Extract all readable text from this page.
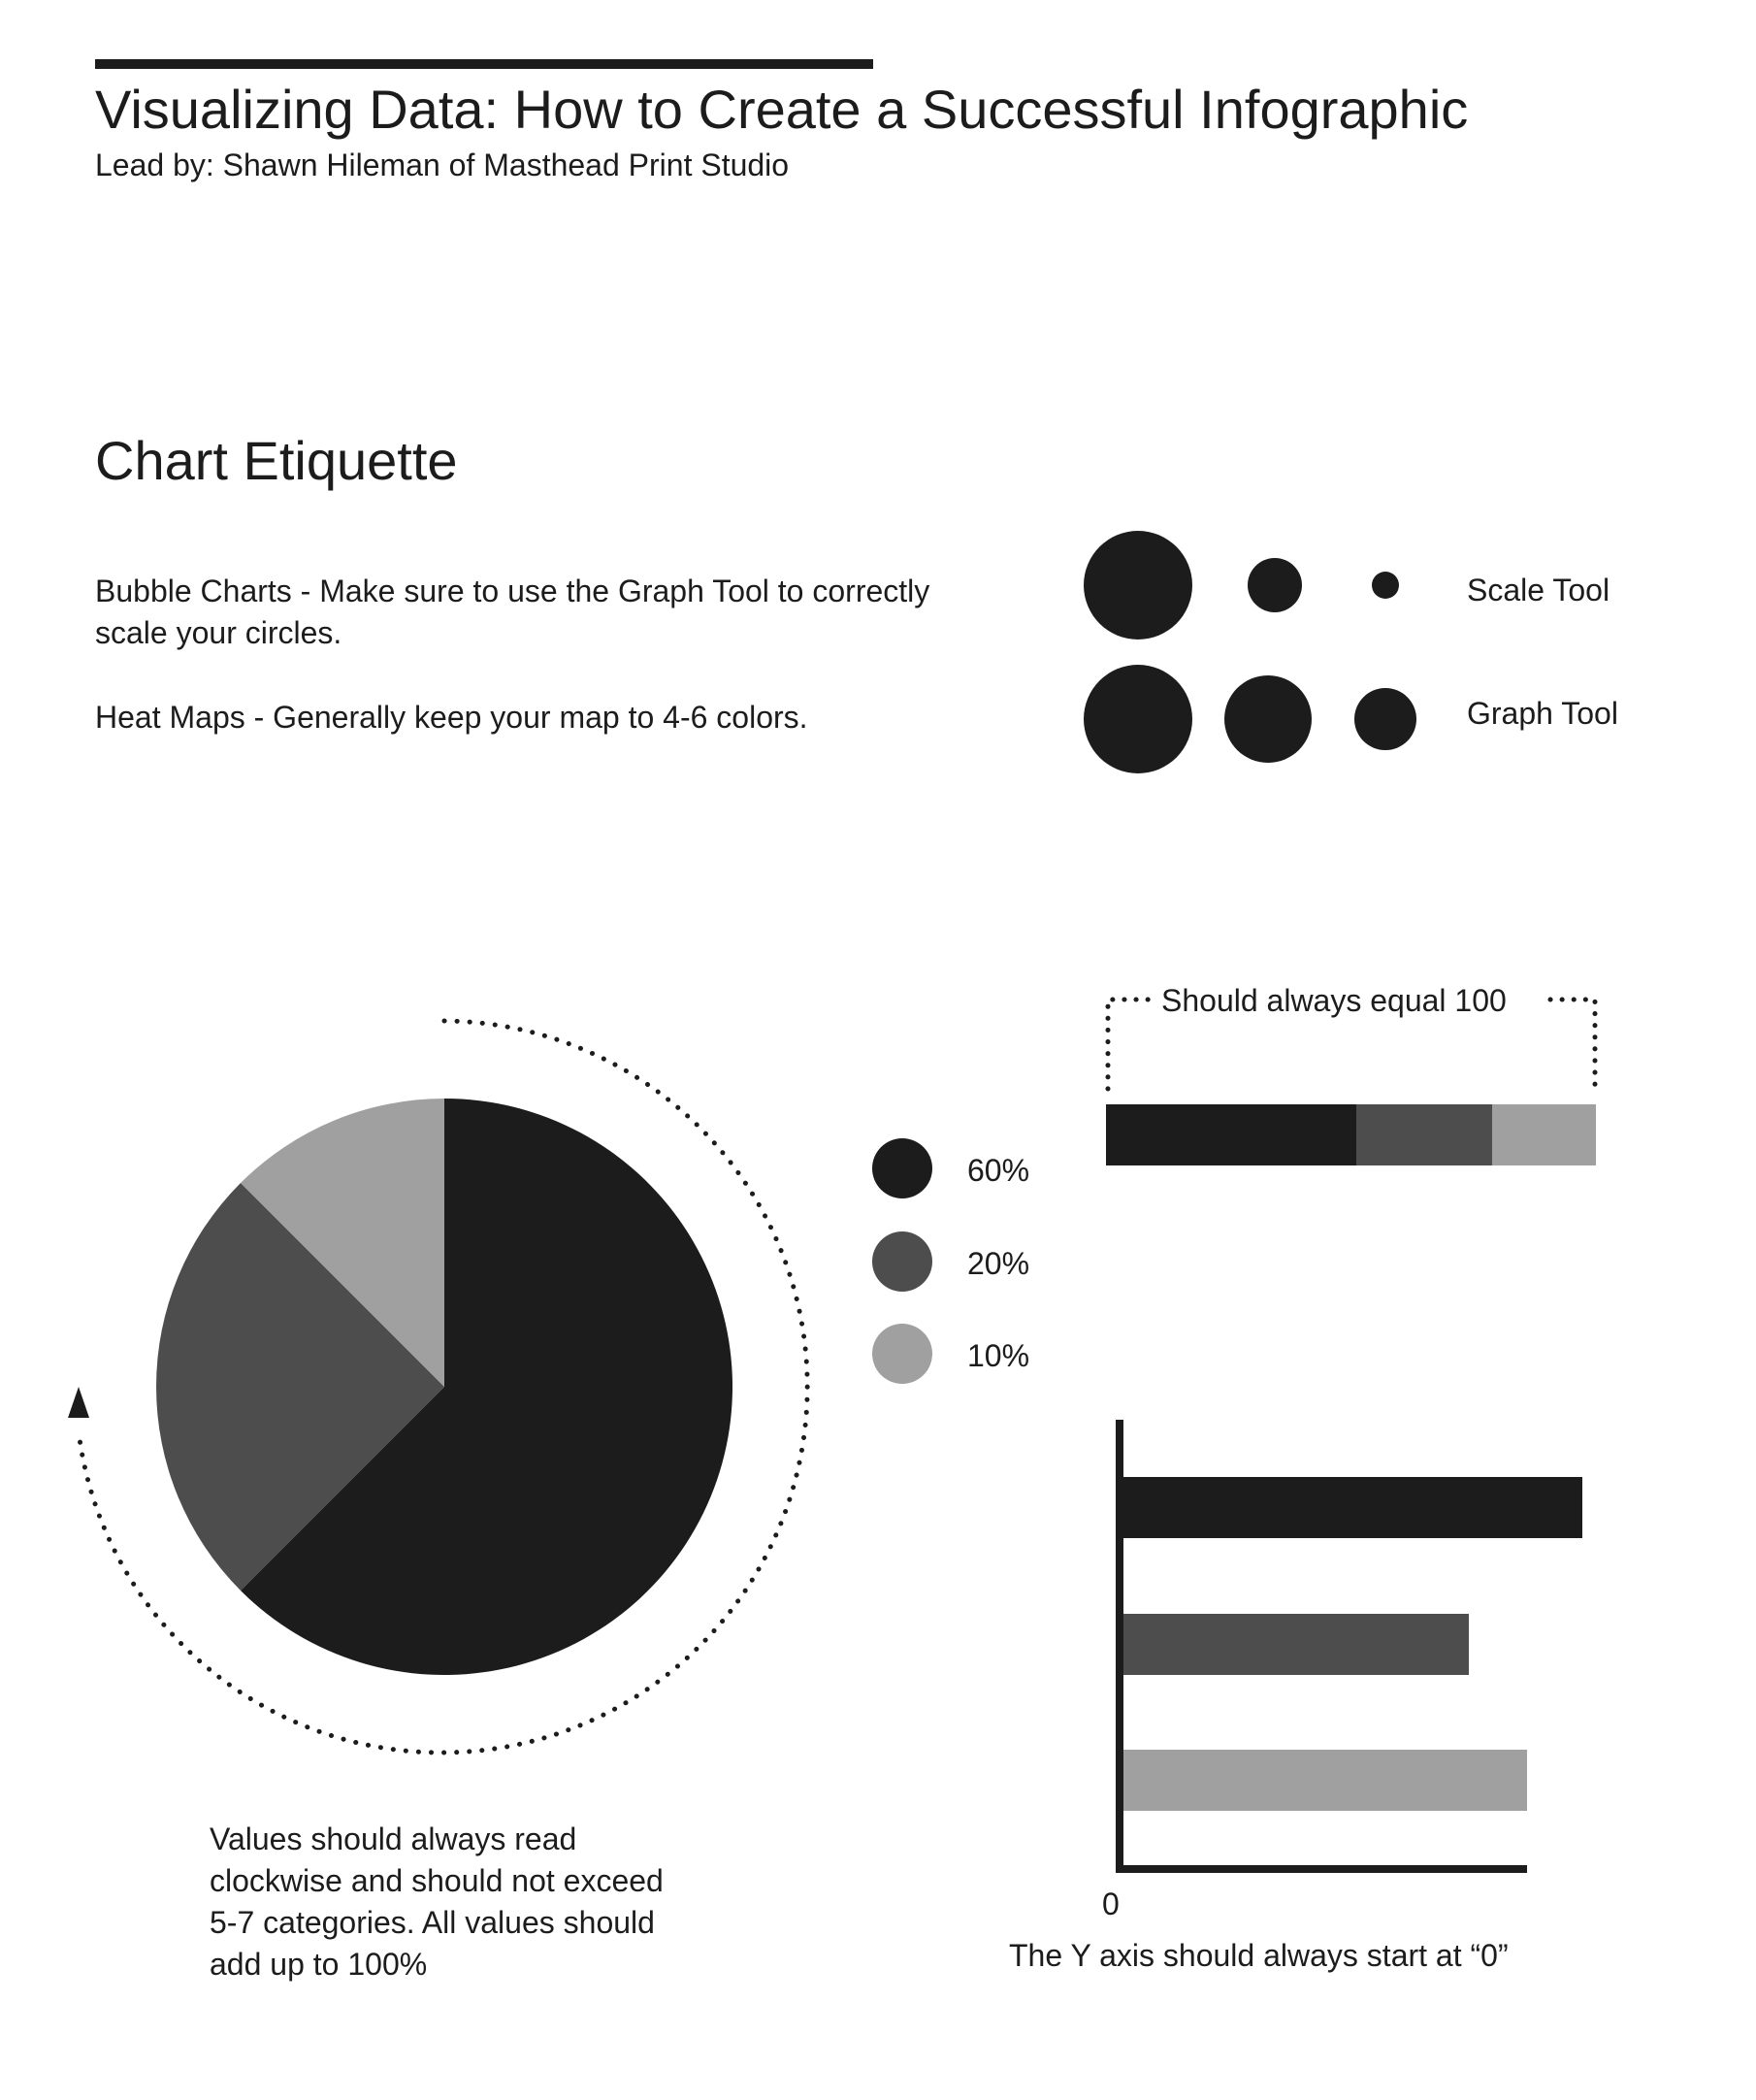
Visualizing Data: How to Create a Successful Infographic
Lead by: Shawn Hileman of Masthead Print Studio
Chart Etiquette
Bubble Charts - Make sure to use the Graph Tool to correctly
scale your circles.
Heat Maps - Generally keep your map to 4-6 colors.
Scale Tool
Graph Tool
60%
20%
10%
Values should always read
clockwise and should not exceed
5-7 categories. All values should
add up to 100%
Should always equal 100
0
The Y axis should always start at “0”
